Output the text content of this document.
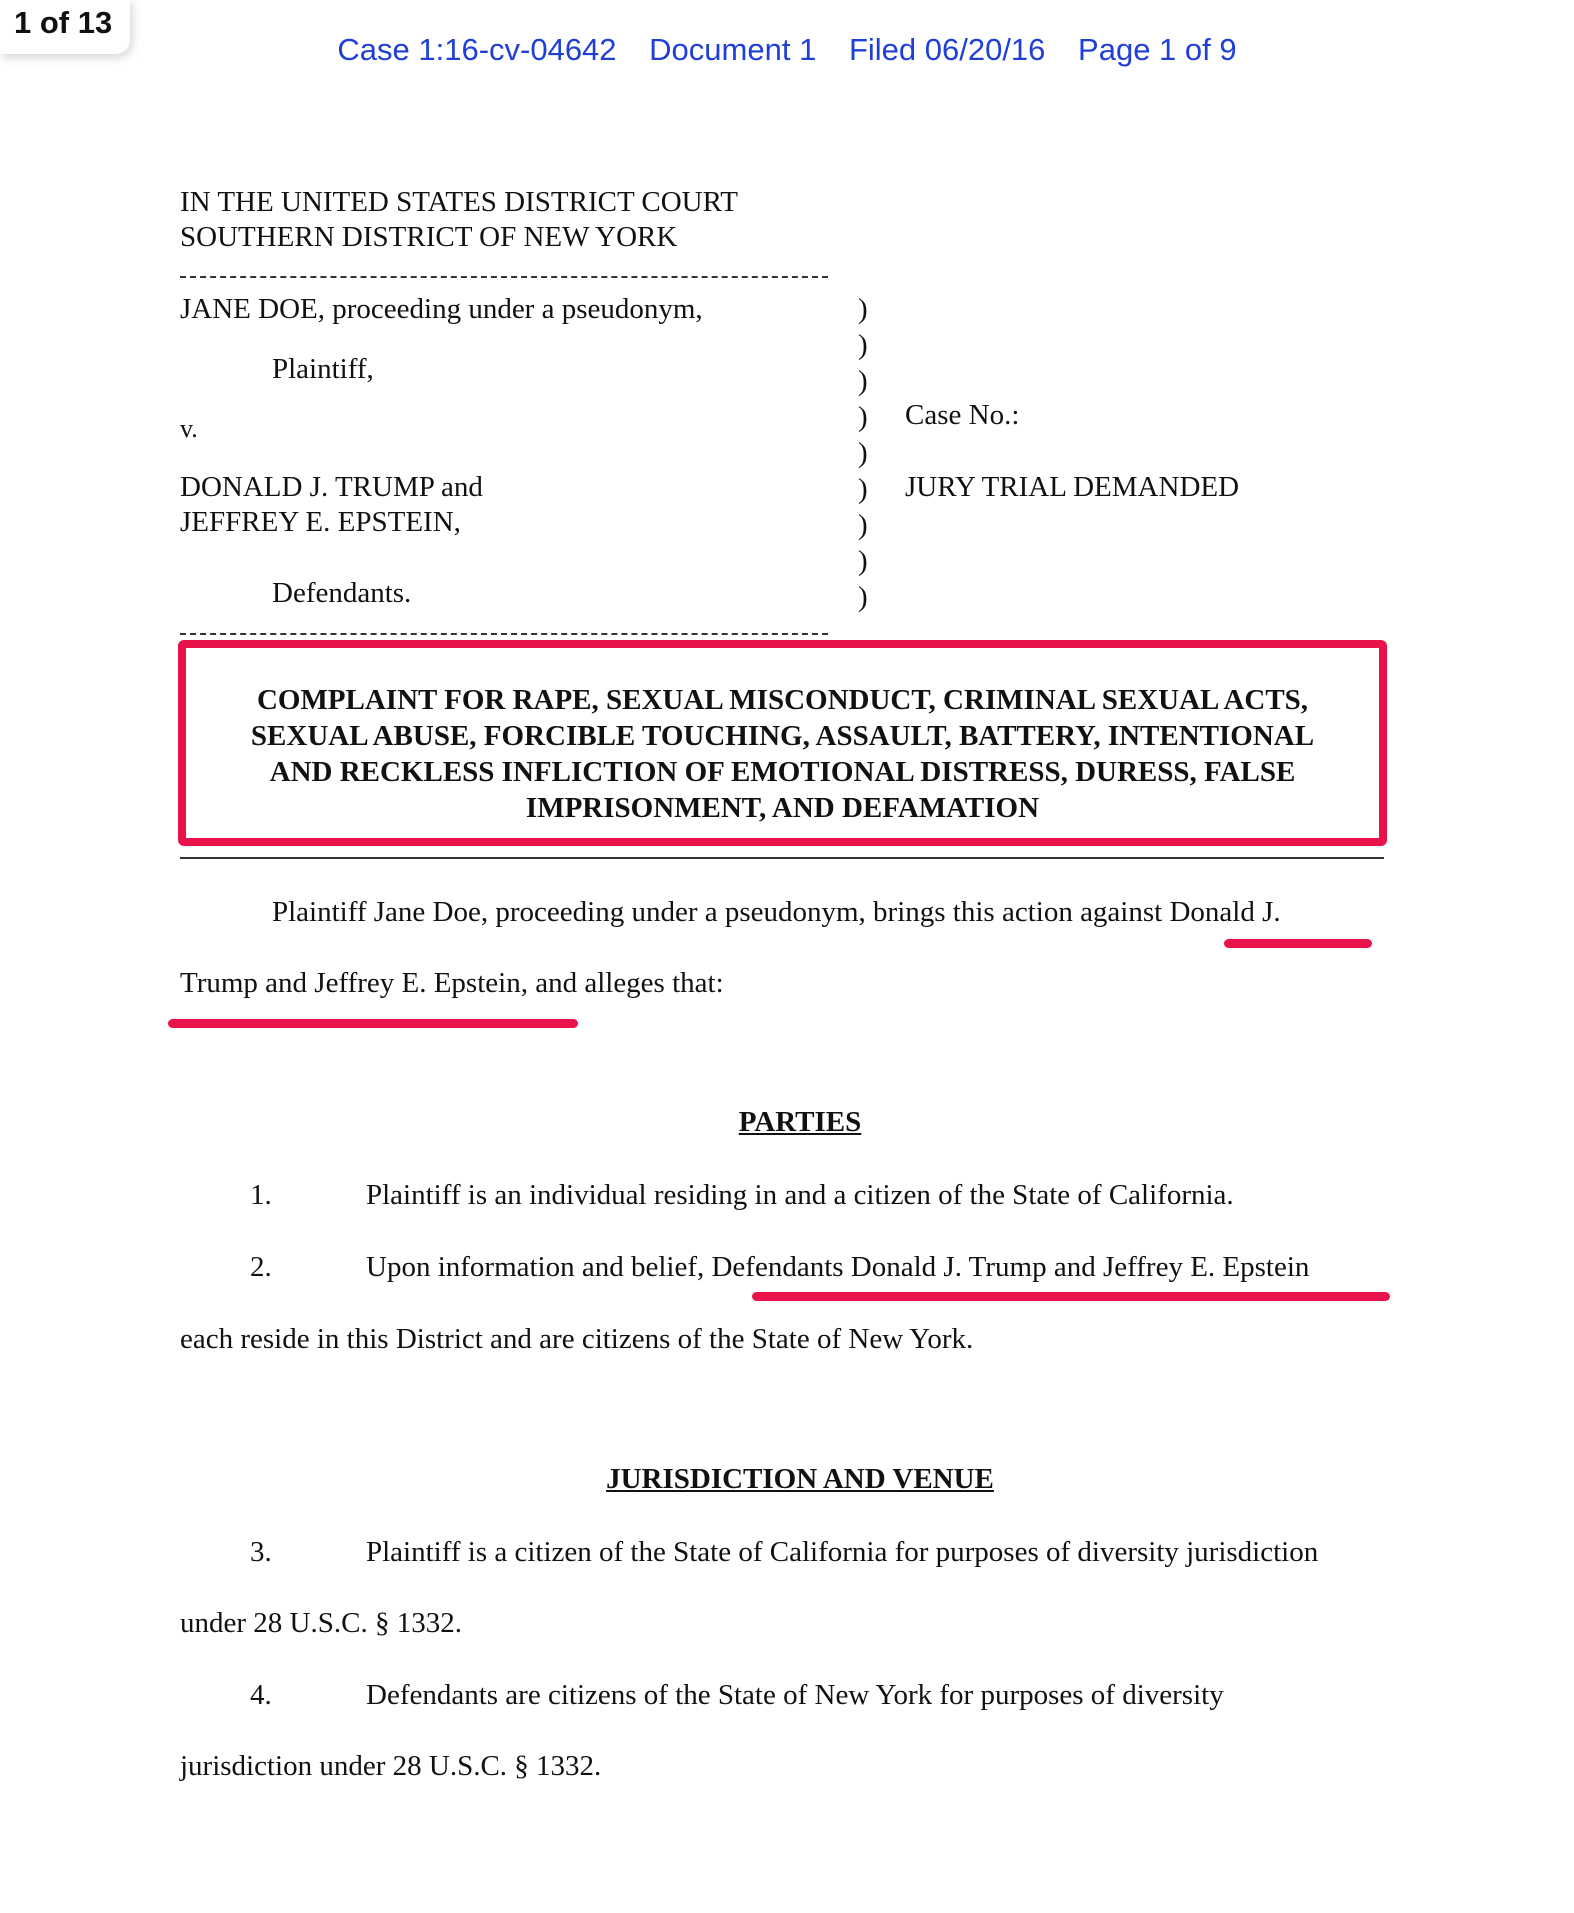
1 of 13
Case 1:16-cv-04642 Document 1 Filed 06/20/16 Page 1 of 9

IN THE UNITED STATES DISTRICT COURT

SOUTHERN DISTRICT OF NEW YORK

JANE DOE, proceeding under a pseudonym,

Plaintiff,

v.

DONALD J. TRUMP and

JEFFREY E. EPSTEIN,

Defendants.

)
)
)
)
)
)
)
)
)

Case No.:

JURY TRIAL DEMANDED

COMPLAINT FOR RAPE, SEXUAL MISCONDUCT, CRIMINAL SEXUAL ACTS,
SEXUAL ABUSE, FORCIBLE TOUCHING, ASSAULT, BATTERY, INTENTIONAL
AND RECKLESS INFLICTION OF EMOTIONAL DISTRESS, DURESS, FALSE
IMPRISONMENT, AND DEFAMATION

Plaintiff Jane Doe, proceeding under a pseudonym, brings this action against Donald J.

Trump and Jeffrey E. Epstein, and alleges that:

PARTIES

1.	Plaintiff is an individual residing in and a citizen of the State of California.

2.	Upon information and belief, Defendants Donald J. Trump and Jeffrey E. Epstein

each reside in this District and are citizens of the State of New York.

JURISDICTION AND VENUE

3.	Plaintiff is a citizen of the State of California for purposes of diversity jurisdiction

under 28 U.S.C. § 1332.

4.	Defendants are citizens of the State of New York for purposes of diversity

jurisdiction under 28 U.S.C. § 1332.
